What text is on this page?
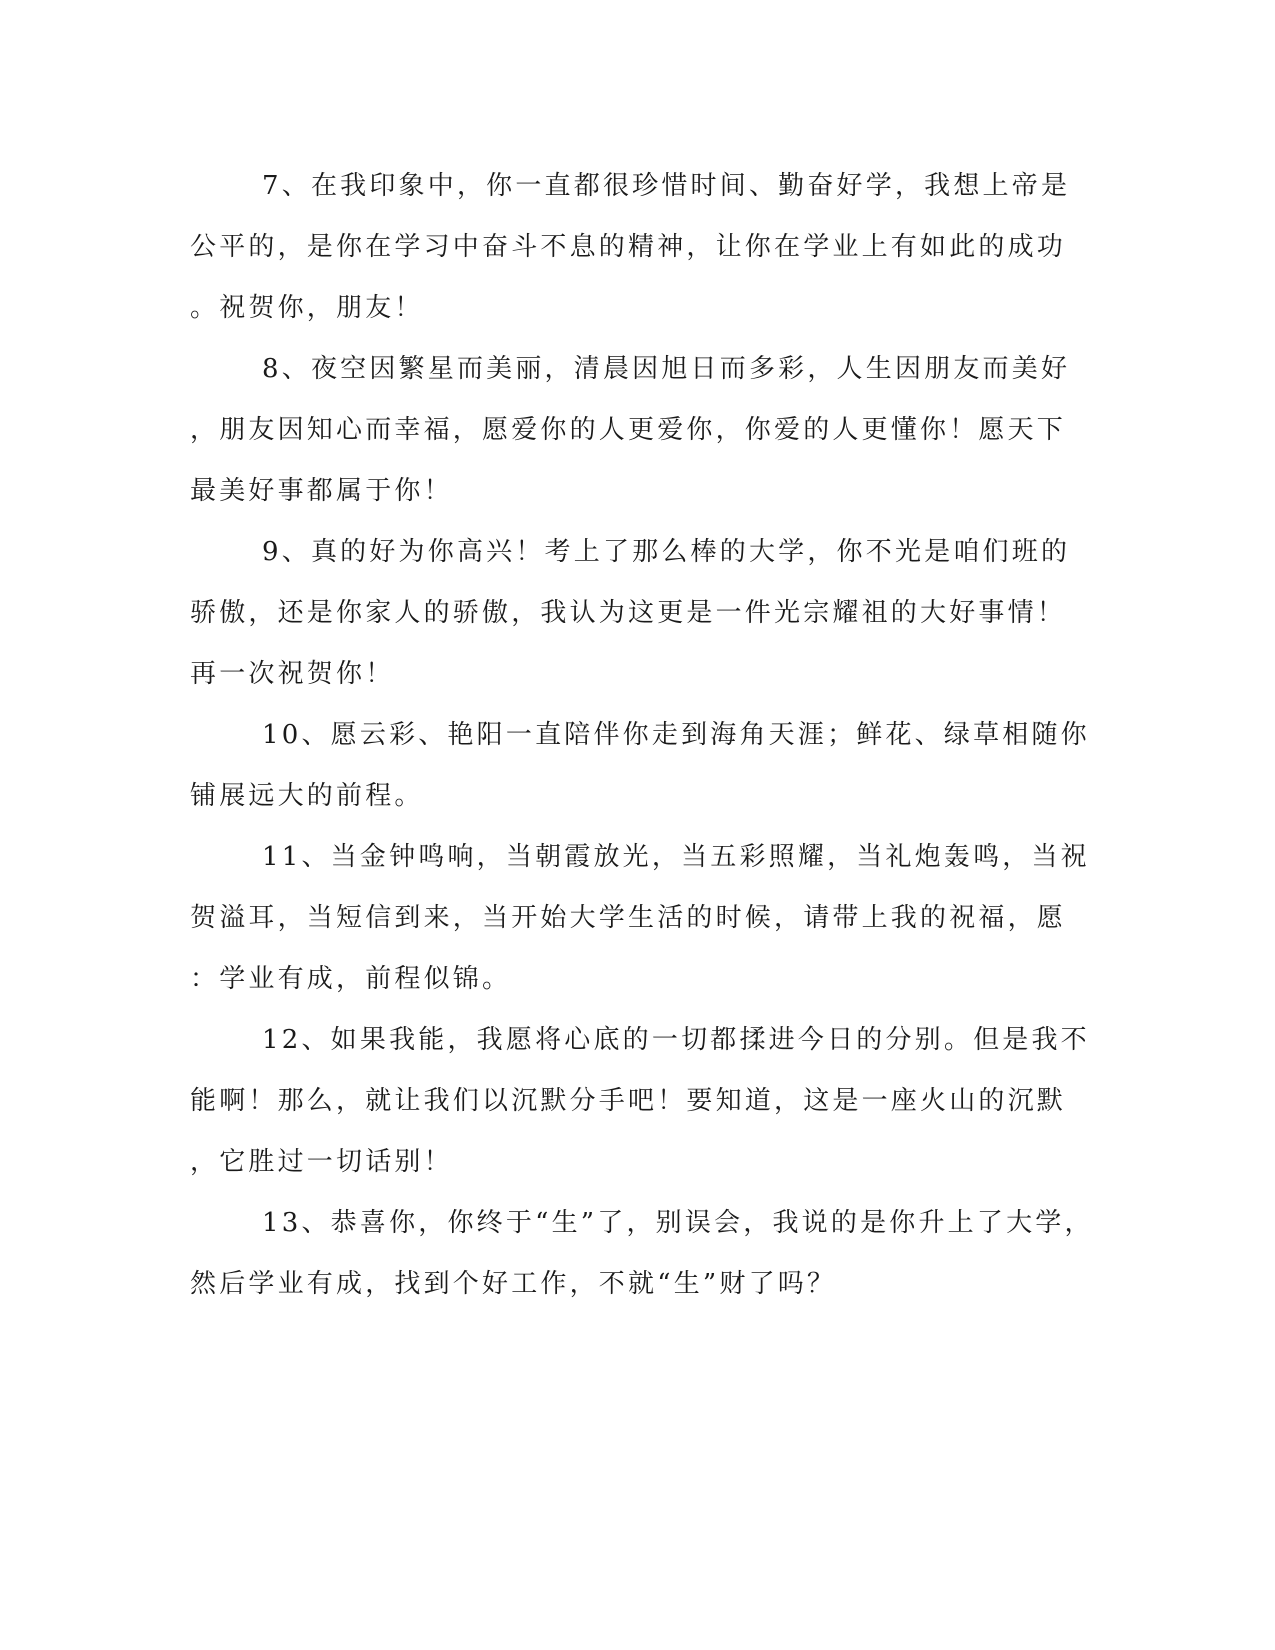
7、在我印象中，你一直都很珍惜时间、勤奋好学，我想上帝是
公平的，是你在学习中奋斗不息的精神，让你在学业上有如此的成功
。祝贺你，朋友！
8、夜空因繁星而美丽，清晨因旭日而多彩，人生因朋友而美好
，朋友因知心而幸福，愿爱你的人更爱你，你爱的人更懂你！愿天下
最美好事都属于你！
9、真的好为你高兴！考上了那么棒的大学，你不光是咱们班的
骄傲，还是你家人的骄傲，我认为这更是一件光宗耀祖的大好事情！
再一次祝贺你！
10、愿云彩、艳阳一直陪伴你走到海角天涯；鲜花、绿草相随你
铺展远大的前程。
11、当金钟鸣响，当朝霞放光，当五彩照耀，当礼炮轰鸣，当祝
贺溢耳，当短信到来，当开始大学生活的时候，请带上我的祝福，愿
：学业有成，前程似锦。
12、如果我能，我愿将心底的一切都揉进今日的分别。但是我不
能啊！那么，就让我们以沉默分手吧！要知道，这是一座火山的沉默
，它胜过一切话别！
13、恭喜你，你终于“生”了，别误会，我说的是你升上了大学，
然后学业有成，找到个好工作，不就“生”财了吗？
